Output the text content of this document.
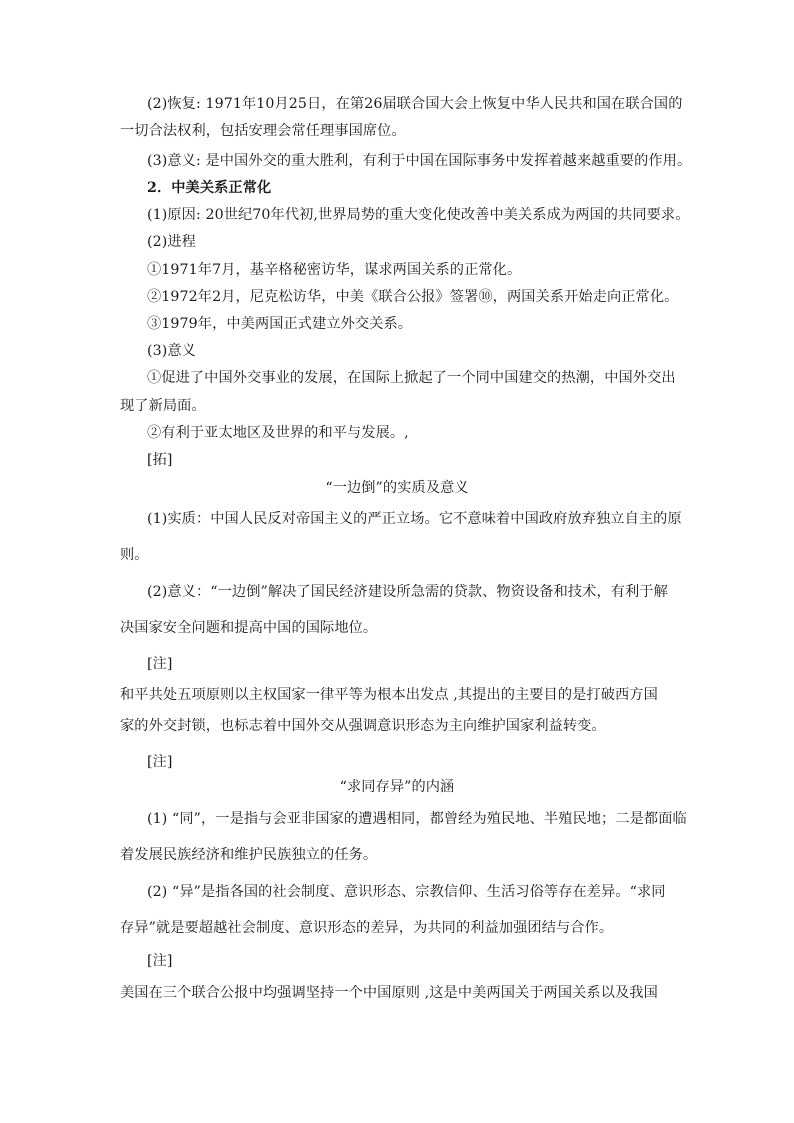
(2)恢复: 1971年10月25日，在第26届联合国大会上恢复中华人民共和国在联合国的
一切合法权利，包括安理会常任理事国席位。
(3)意义: 是中国外交的重大胜利，有利于中国在国际事务中发挥着越来越重要的作用。
2．中美关系正常化
(1)原因: 20世纪70年代初,世界局势的重大变化使改善中美关系成为两国的共同要求。
(2)进程
①1971年7月，基辛格秘密访华，谋求两国关系的正常化。
②1972年2月，尼克松访华，中美《联合公报》签署⑩，两国关系开始走向正常化。
③1979年，中美两国正式建立外交关系。
(3)意义
①促进了中国外交事业的发展，在国际上掀起了一个同中国建交的热潮，中国外交出
现了新局面。
②有利于亚太地区及世界的和平与发展。,
[拓]
“一边倒”的实质及意义
(1)实质：中国人民反对帝国主义的严正立场。它不意味着中国政府放弃独立自主的原
则。
(2)意义：“一边倒”解决了国民经济建设所急需的贷款、物资设备和技术，有利于解
决国家安全问题和提高中国的国际地位。
[注]
和平共处五项原则以主权国家一律平等为根本出发点 ,其提出的主要目的是打破西方国
家的外交封锁，也标志着中国外交从强调意识形态为主向维护国家利益转变。
[注]
“求同存异”的内涵
(1) “同”，一是指与会亚非国家的遭遇相同，都曾经为殖民地、半殖民地；二是都面临
着发展民族经济和维护民族独立的任务。
(2) “异”是指各国的社会制度、意识形态、宗教信仰、生活习俗等存在差异。“求同
存异”就是要超越社会制度、意识形态的差异，为共同的利益加强团结与合作。
[注]
美国在三个联合公报中均强调坚持一个中国原则 ,这是中美两国关于两国关系以及我国
